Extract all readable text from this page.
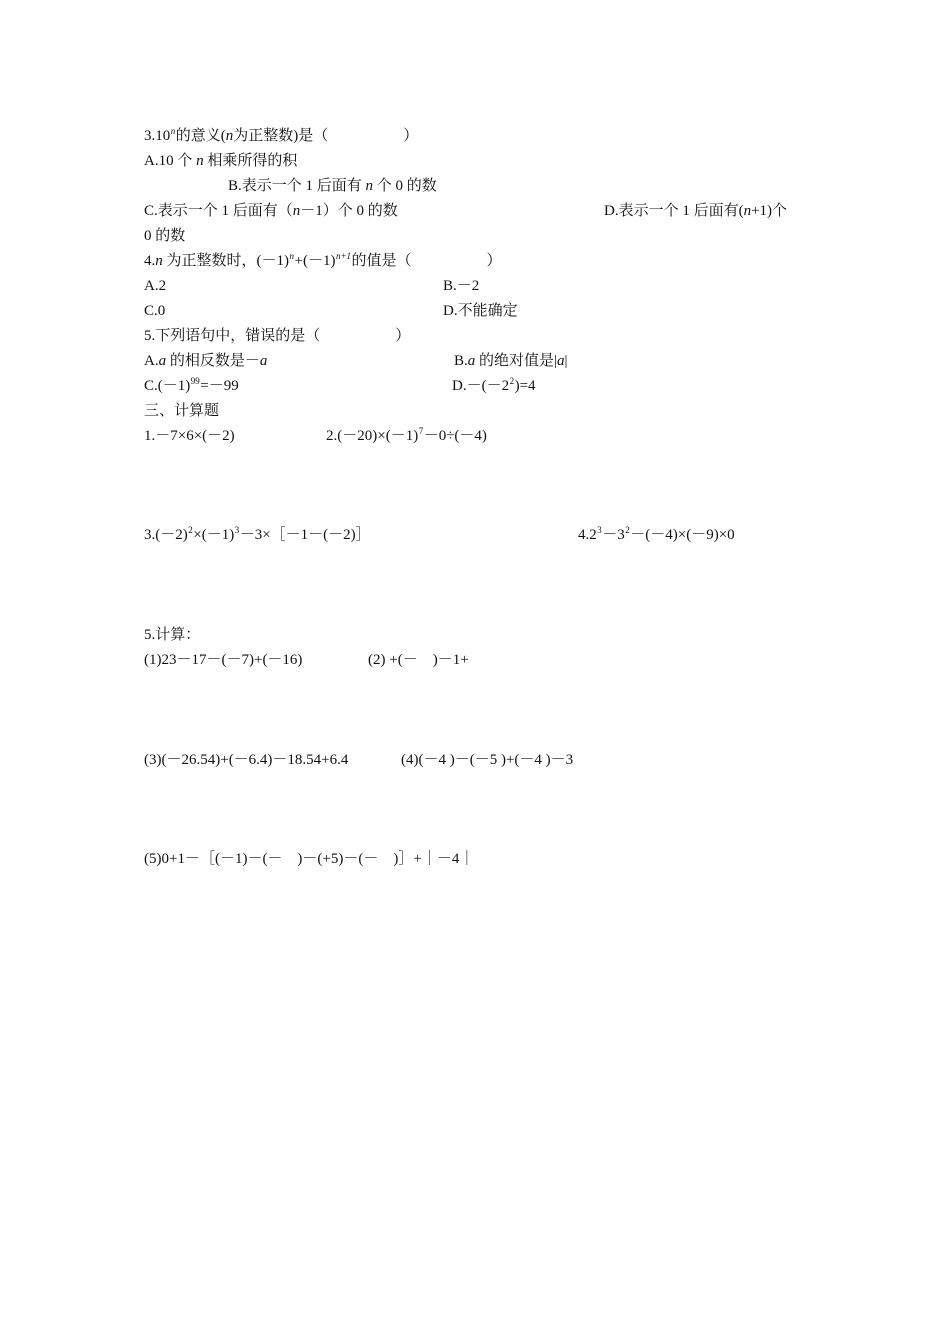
3.10$^n$的意义(n为正整数)是（　　　　　）
A.10 个 n 相乘所得的积
B.表示一个 1 后面有 n 个 0 的数
C.表示一个 1 后面有（n－1）个 0 的数	D.表示一个 1 后面有(n+1)个
0 的数
4.n 为正整数时，$(-1)^n+(-1)^{n+1}$的值是（　　　　　）
A.2	B.－2
C.0	D.不能确定
5.下列语句中，错误的是（　　　　　）
A.a 的相反数是－a	B.a 的绝对值是|a|
$C.(-1)^{99}=-99$	$D.-(-2^2)=4$
三、计算题
1.－7×6×(－2)	$2.(-20)\times(-1)^7-0\div(-4)$
$3.(-2)^2\times(-1)^3-3\times[-1-(-2)]$	$4.2^3-3^2-(-4)\times(-9)\times 0$
5.计算：
(1)23－17－(－7)+(－16)	(2) +(－　)－1+
(3)(－26.54)+(－6.4)－18.54+6.4	(4)(－4 )－(－5 )+(－4 )－3
(5)0+1－［(－1)－(－　)－(+5)－(－　)］+｜－4｜
